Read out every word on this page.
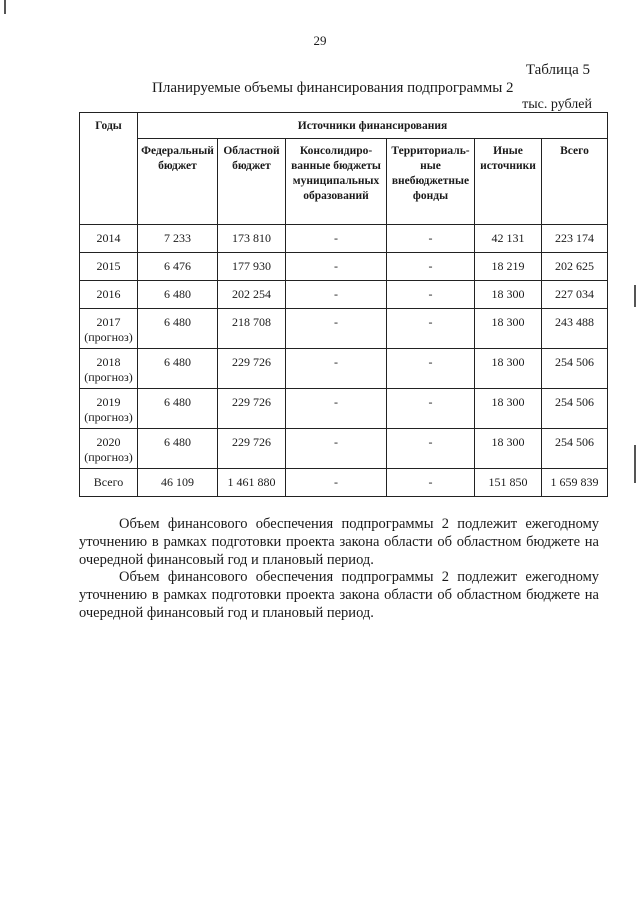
29
Таблица 5
Планируемые объемы финансирования подпрограммы 2
тыс. рублей
Годы	Источники финансирования					
	Федеральный бюджет	Областной бюджет	Консолидиро-ванные бюджеты муниципальных образований	Территориаль-ные внебюджетные фонды	Иные источники	Всего

2014	7 233	173 810	-	-	42 131	223 174

2015	6 476	177 930	-	-	18 219	202 625

2016	6 480	202 254	-	-	18 300	227 034

2017
(прогноз)	6 480	218 708	-	-	18 300	243 488

2018
(прогноз)	6 480	229 726	-	-	18 300	254 506

2019
(прогноз)	6 480	229 726	-	-	18 300	254 506

2020
(прогноз)	6 480	229 726	-	-	18 300	254 506

Всего	46 109	1 461 880	-	-	151 850	1 659 839

Объем финансового обеспечения подпрограммы 2 подлежит ежегодному уточнению в рамках подготовки проекта закона области об областном бюджете на очередной финансовый год и плановый период.

Объем финансового обеспечения подпрограммы 2 подлежит ежегодному уточнению в рамках подготовки проекта закона области об областном бюджете на очередной финансовый год и плановый период.
